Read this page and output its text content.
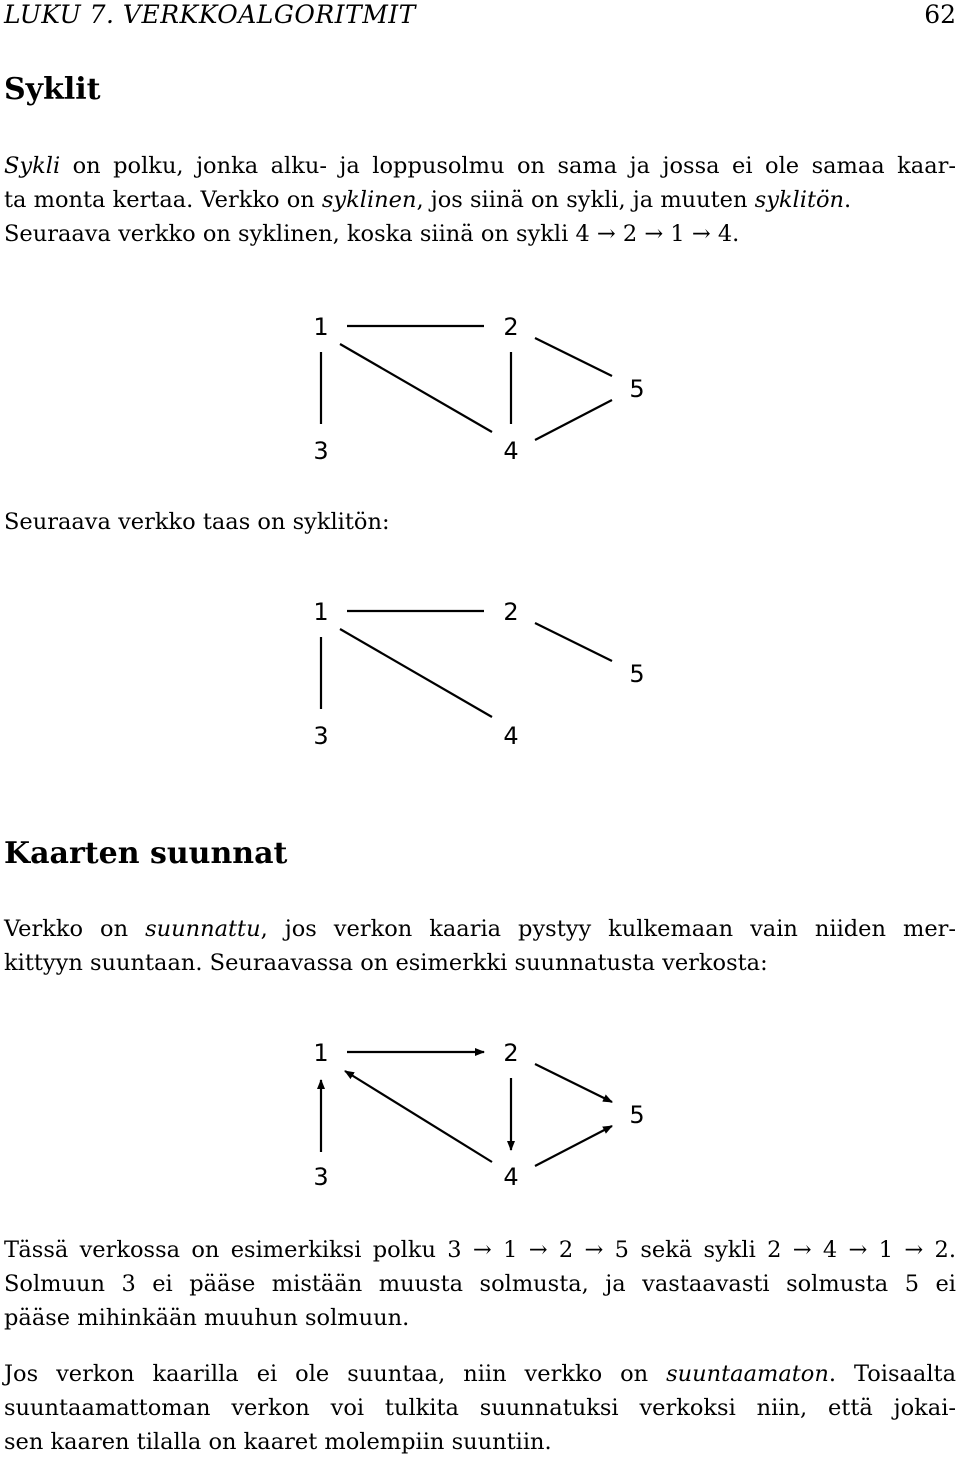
LUKU 7. VERKKOALGORITMIT	62
Syklit
Sykli on polku, jonka alku- ja loppusolmu on sama ja jossa ei ole samaa kaar-
ta monta kertaa. Verkko on syklinen, jos siinä on sykli, ja muuten syklitön.
Seuraava verkko on syklinen, koska siinä on sykli 4 → 2 → 1 → 4.
1	2
3	4
5
Seuraava verkko taas on syklitön:
1	2
3	4
5
Kaarten suunnat
Verkko on suunnattu, jos verkon kaaria pystyy kulkemaan vain niiden mer-
kittyyn suuntaan. Seuraavassa on esimerkki suunnatusta verkosta:
1	2
3	4
5
Tässä verkossa on esimerkiksi polku 3 → 1 → 2 → 5 sekä sykli 2 → 4 → 1 → 2.
Solmuun 3 ei pääse mistään muusta solmusta, ja vastaavasti solmusta 5 ei
pääse mihinkään muuhun solmuun.
Jos verkon kaarilla ei ole suuntaa, niin verkko on suuntaamaton. Toisaalta
suuntaamattoman verkon voi tulkita suunnatuksi verkoksi niin, että jokai-
sen kaaren tilalla on kaaret molempiin suuntiin.
